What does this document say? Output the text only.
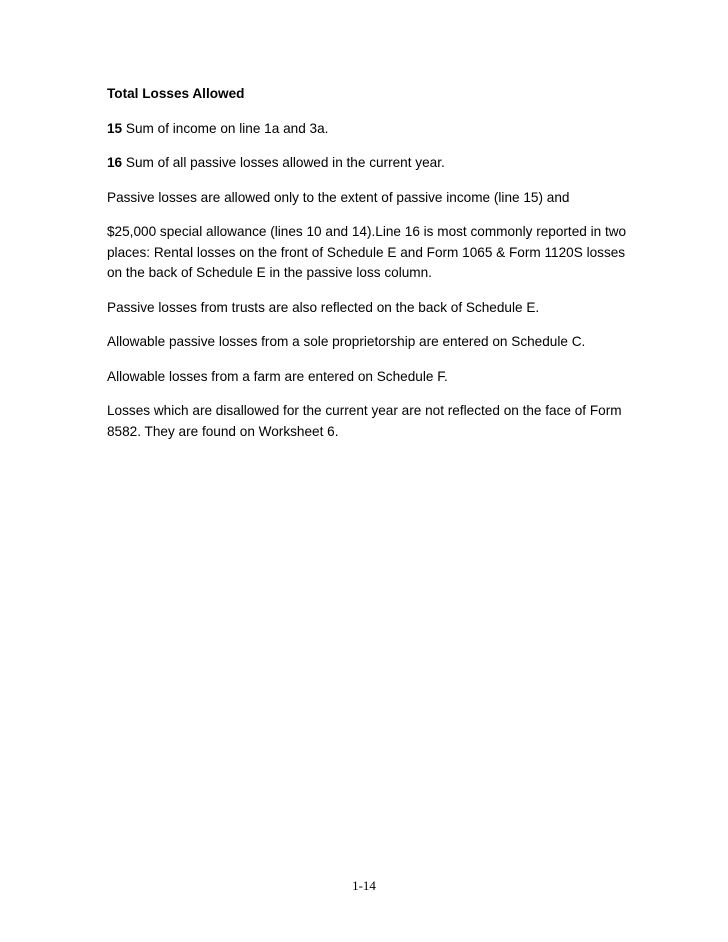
Total Losses Allowed

15 Sum of income on line 1a and 3a.

16 Sum of all passive losses allowed in the current year.

Passive losses are allowed only to the extent of passive income (line 15) and

$25,000 special allowance (lines 10 and 14).Line 16 is most commonly reported in two places: Rental losses on the front of Schedule E and Form 1065 & Form 1120S losses on the back of Schedule E in the passive loss column.

Passive losses from trusts are also reflected on the back of Schedule E.

Allowable passive losses from a sole proprietorship are entered on Schedule C.

Allowable losses from a farm are entered on Schedule F.

Losses which are disallowed for the current year are not reflected on the face of Form 8582. They are found on Worksheet 6.

1-14
